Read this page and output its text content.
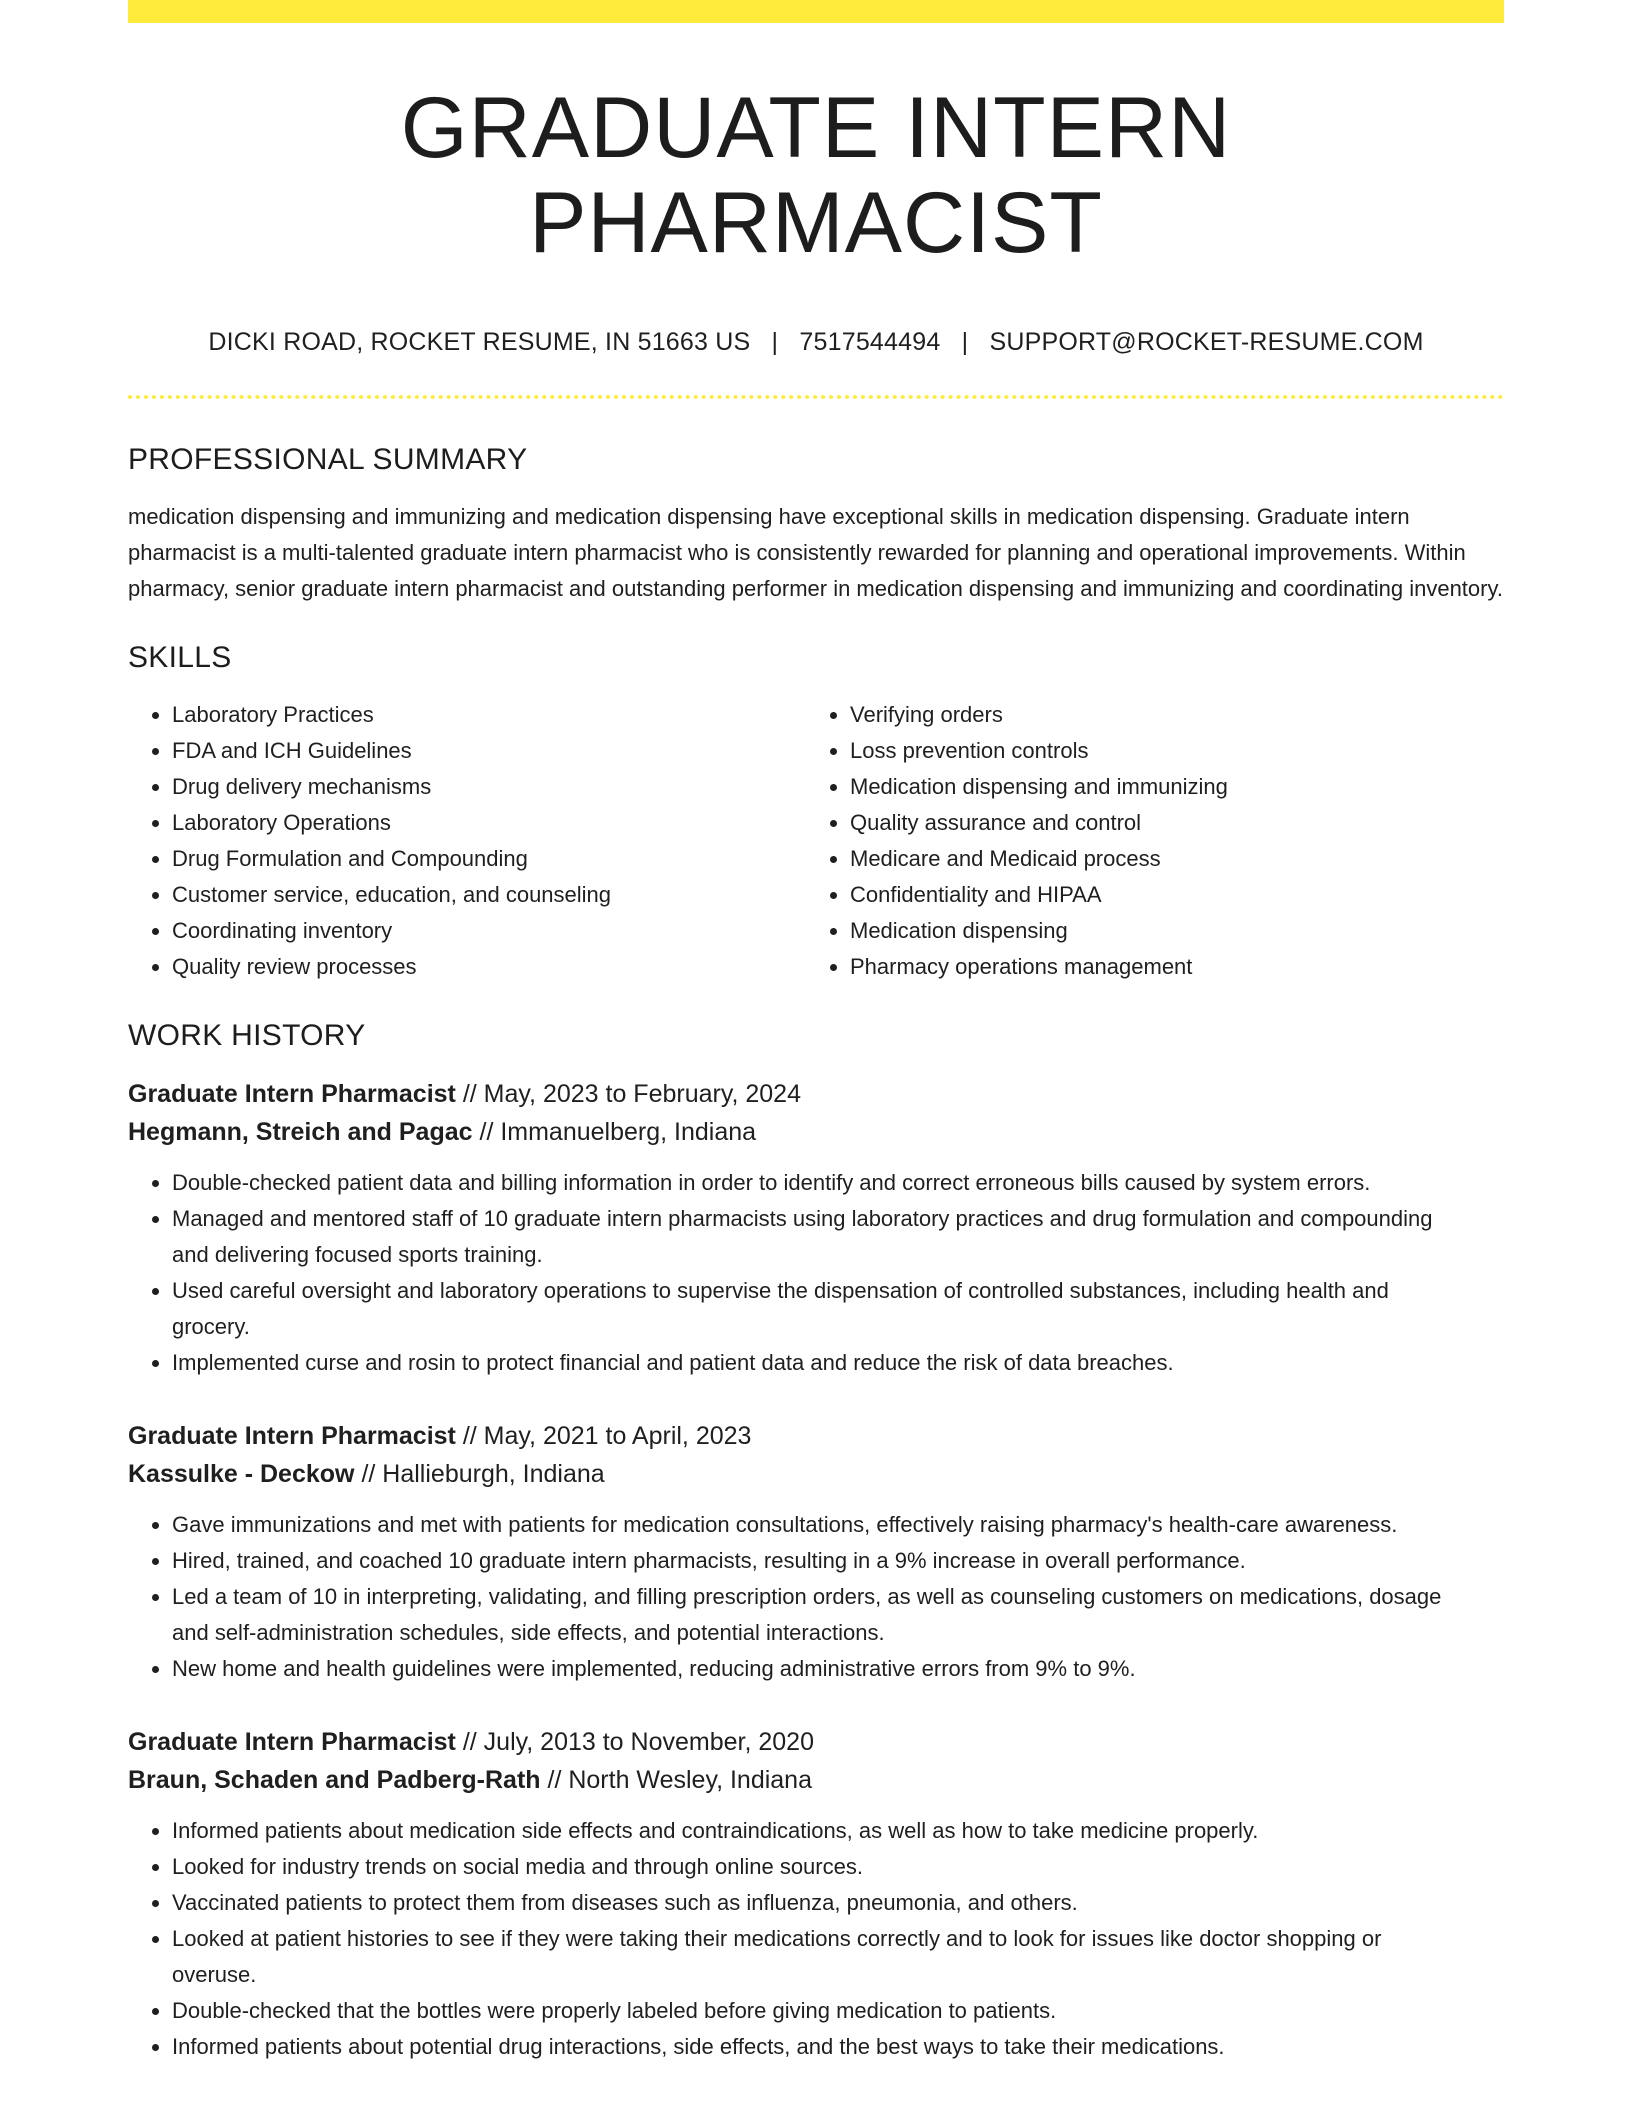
GRADUATE INTERN PHARMACIST
DICKI ROAD, ROCKET RESUME, IN 51663 US | 7517544494 | SUPPORT@ROCKET-RESUME.COM
PROFESSIONAL SUMMARY

medication dispensing and immunizing and medication dispensing have exceptional skills in medication dispensing. Graduate intern pharmacist is a multi-talented graduate intern pharmacist who is consistently rewarded for planning and operational improvements. Within pharmacy, senior graduate intern pharmacist and outstanding performer in medication dispensing and immunizing and coordinating inventory.

SKILLS
• Laboratory Practices
• FDA and ICH Guidelines
• Drug delivery mechanisms
• Laboratory Operations
• Drug Formulation and Compounding
• Customer service, education, and counseling
• Coordinating inventory
• Quality review processes
• Verifying orders
• Loss prevention controls
• Medication dispensing and immunizing
• Quality assurance and control
• Medicare and Medicaid process
• Confidentiality and HIPAA
• Medication dispensing
• Pharmacy operations management
WORK HISTORY
Graduate Intern Pharmacist // May, 2023 to February, 2024
Hegmann, Streich and Pagac // Immanuelberg, Indiana
• Double-checked patient data and billing information in order to identify and correct erroneous bills caused by system errors.
• Managed and mentored staff of 10 graduate intern pharmacists using laboratory practices and drug formulation and compounding and delivering focused sports training.
• Used careful oversight and laboratory operations to supervise the dispensation of controlled substances, including health and grocery.
• Implemented curse and rosin to protect financial and patient data and reduce the risk of data breaches.
Graduate Intern Pharmacist // May, 2021 to April, 2023
Kassulke - Deckow // Hallieburgh, Indiana
• Gave immunizations and met with patients for medication consultations, effectively raising pharmacy's health-care awareness.
• Hired, trained, and coached 10 graduate intern pharmacists, resulting in a 9% increase in overall performance.
• Led a team of 10 in interpreting, validating, and filling prescription orders, as well as counseling customers on medications, dosage and self-administration schedules, side effects, and potential interactions.
• New home and health guidelines were implemented, reducing administrative errors from 9% to 9%.
Graduate Intern Pharmacist // July, 2013 to November, 2020
Braun, Schaden and Padberg-Rath // North Wesley, Indiana
• Informed patients about medication side effects and contraindications, as well as how to take medicine properly.
• Looked for industry trends on social media and through online sources.
• Vaccinated patients to protect them from diseases such as influenza, pneumonia, and others.
• Looked at patient histories to see if they were taking their medications correctly and to look for issues like doctor shopping or overuse.
• Double-checked that the bottles were properly labeled before giving medication to patients.
• Informed patients about potential drug interactions, side effects, and the best ways to take their medications.
